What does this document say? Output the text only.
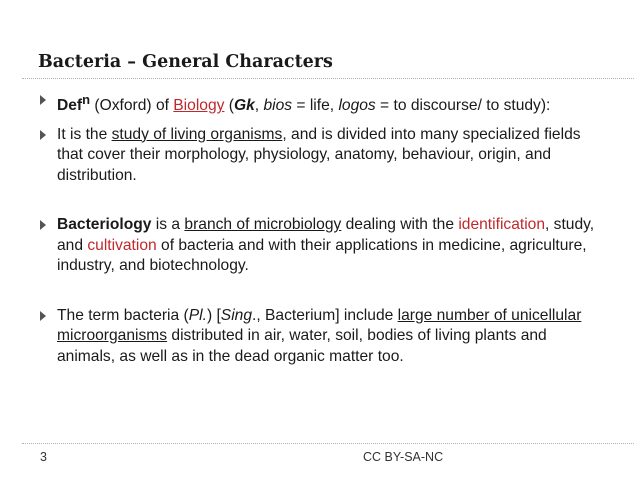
Bacteria – General Characters
Def$^n$ (Oxford) of Biology (Gk, bios = life, logos = to discourse/ to study):
It is the study of living organisms, and is divided into many specialized fields that cover their morphology, physiology, anatomy, behaviour, origin, and distribution.
Bacteriology is a branch of microbiology dealing with the identification, study, and cultivation of bacteria and with their applications in medicine, agriculture, industry, and biotechnology.
The term bacteria (Pl.) [Sing., Bacterium] include large number of unicellular microorganisms distributed in air, water, soil, bodies of living plants and animals, as well as in the dead organic matter too.
3	CC BY-SA-NC
